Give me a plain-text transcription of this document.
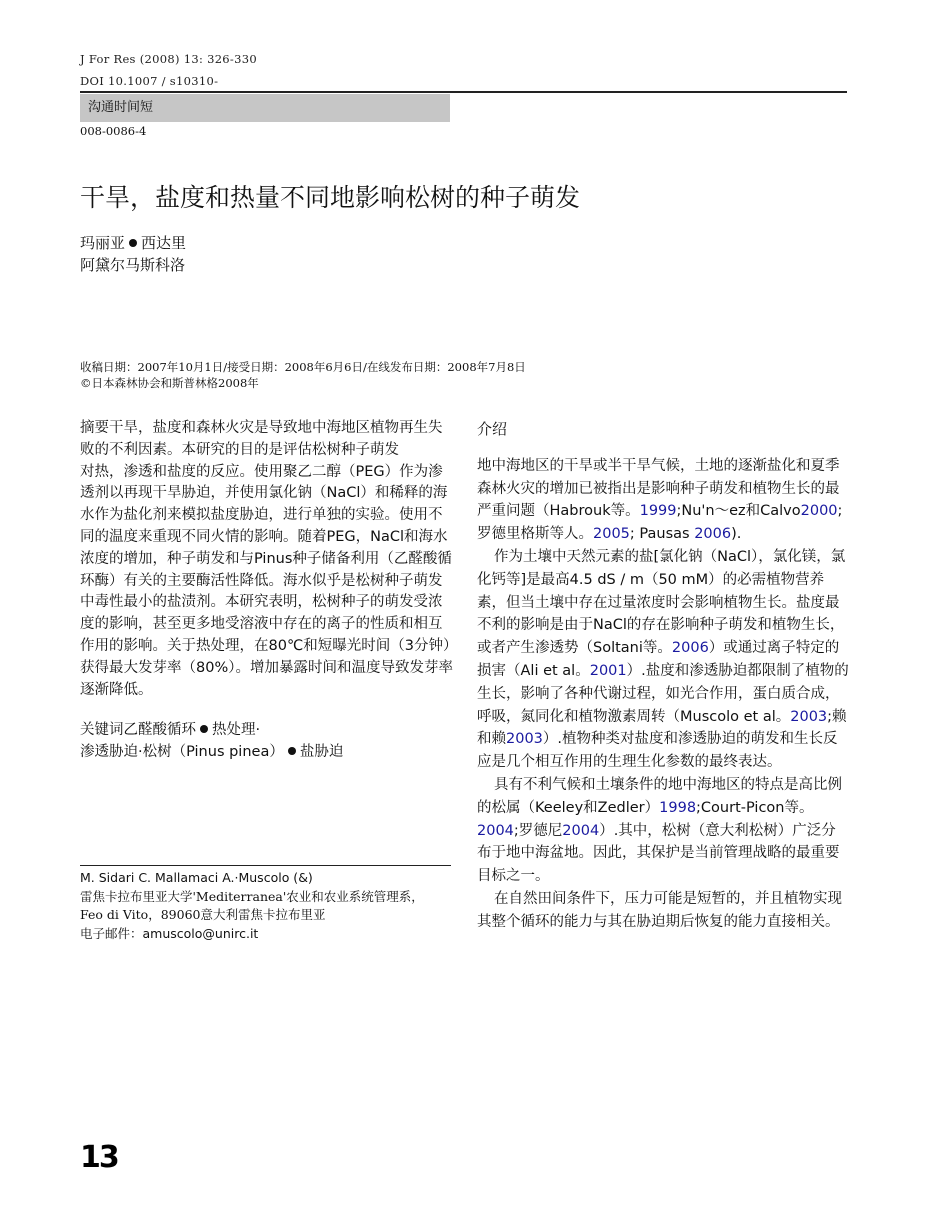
J For Res (2008) 13: 326-330 DOI 10.1007 / s10310-
沟通时间短
008-0086-4
干旱，盐度和热量不同地影响松树的种子萌发
玛丽亚 西达里
阿黛尔马斯科洛
收稿日期：2007年10月1日/接受日期：2008年6月6日/在线发布日期：2008年7月8日
©日本森林协会和斯普林格2008年

摘要干旱，盐度和森林火灾是导致地中海地区植物再生失败的不利因素。本研究的目的是评估松树种子萌发

对热，渗透和盐度的反应。使用聚乙二醇（PEG）作为渗透剂以再现干旱胁迫，并使用氯化钠（NaCl）和稀释的海水作为盐化剂来模拟盐度胁迫，进行单独的实验。使用不同的温度来重现不同火情的影响。随着PEG，NaCl和海水浓度的增加，种子萌发和与Pinus种子储备利用（乙醛酸循环酶）有关的主要酶活性降低。海水似乎是松树种子萌发中毒性最小的盐渍剂。本研究表明，松树种子的萌发受浓度的影响，甚至更多地受溶液中存在的离子的性质和相互作用的影响。关于热处理，在80℃和短曝光时间（3分钟）获得最大发芽率（80%）。增加暴露时间和温度导致发芽率逐渐降低。

关键词乙醛酸循环 热处理·
渗透胁迫·松树（Pinus pinea） 盐胁迫

M. Sidari C. Mallamaci A.·Muscolo (&)
雷焦卡拉布里亚大学'Mediterranea'农业和农业系统管理系，
Feo di Vito，89060意大利雷焦卡拉布里亚
电子邮件：amuscolo@unirc.it

介绍

地中海地区的干旱或半干旱气候，土地的逐渐盐化和夏季森林火灾的增加已被指出是影响种子萌发和植物生长的最严重问题（Habrouk等。1999;Nu'n～ez和Calvo2000;罗德里格斯等人。2005; Pausas 2006).

作为土壤中天然元素的盐[氯化钠（NaCl），氯化镁，氯化钙等]是最高4.5 dS / m（50 mM）的必需植物营养素，但当土壤中存在过量浓度时会影响植物生长。盐度最不利的影响是由于NaCl的存在影响种子萌发和植物生长，或者产生渗透势（Soltani等。2006）或通过离子特定的损害（Ali et al。2001）.盐度和渗透胁迫都限制了植物的生长，影响了各种代谢过程，如光合作用，蛋白质合成，呼吸，氮同化和植物激素周转（Muscolo et al。2003;赖和赖2003）.植物种类对盐度和渗透胁迫的萌发和生长反应是几个相互作用的生理生化参数的最终表达。

具有不利气候和土壤条件的地中海地区的特点是高比例的松属（Keeley和Zedler）1998;Court-Picon等。2004;罗德尼2004）.其中，松树（意大利松树）广泛分布于地中海盆地。因此，其保护是当前管理战略的最重要目标之一。

在自然田间条件下，压力可能是短暂的，并且植物实现其整个循环的能力与其在胁迫期后恢复的能力直接相关。

13
